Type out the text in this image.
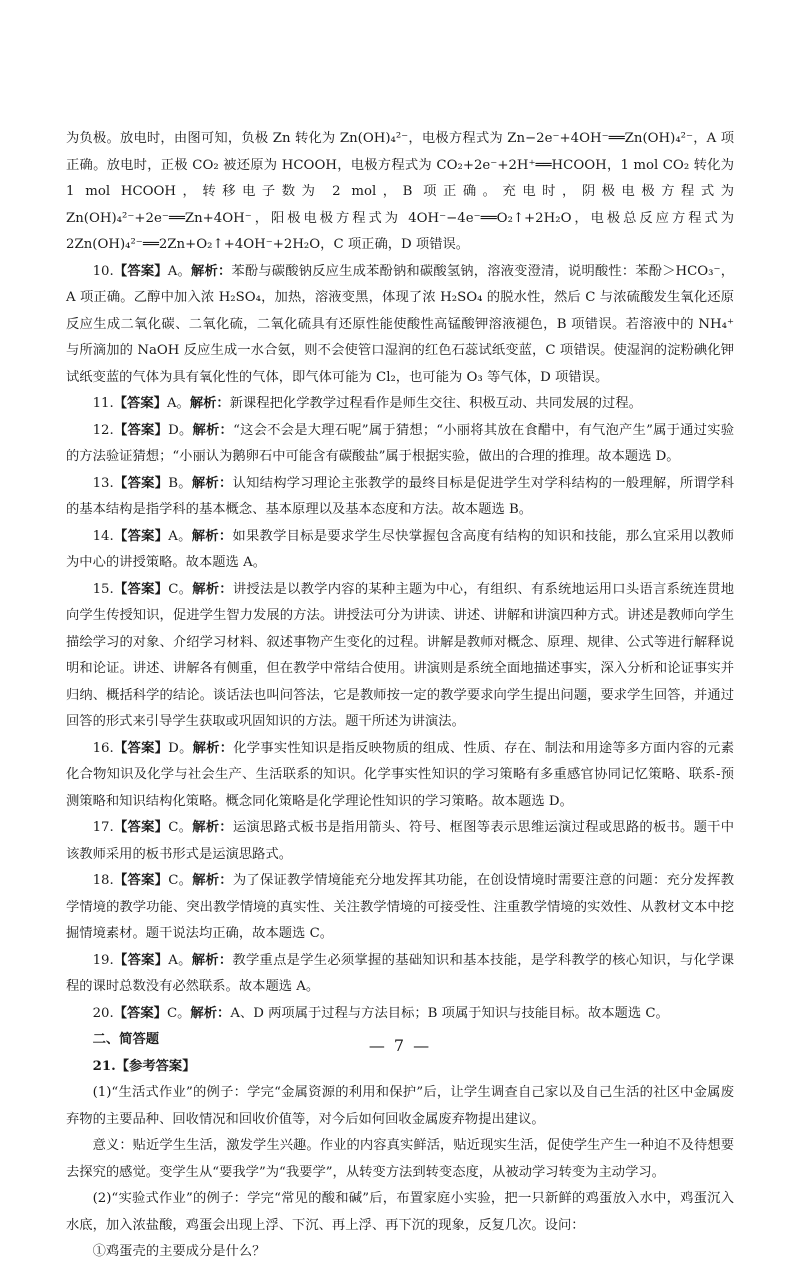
为负极。放电时，由图可知，负极 Zn 转化为 Zn(OH)₄²⁻，电极方程式为 Zn−2e⁻+4OH⁻══Zn(OH)₄²⁻，A 项正确。放电时，正极 CO₂ 被还原为 HCOOH，电极方程式为 CO₂+2e⁻+2H⁺══HCOOH，1 mol CO₂ 转化为 1 mol HCOOH，转移电子数为 2 mol，B 项正确。充电时，阴极电极方程式为 Zn(OH)₄²⁻+2e⁻══Zn+4OH⁻，阳极电极方程式为 4OH⁻−4e⁻══O₂↑+2H₂O，电极总反应方程式为 2Zn(OH)₄²⁻══2Zn+O₂↑+4OH⁻+2H₂O，C 项正确，D 项错误。

10.【答案】A。解析：苯酚与碳酸钠反应生成苯酚钠和碳酸氢钠，溶液变澄清，说明酸性：苯酚＞HCO₃⁻，A 项正确。乙醇中加入浓 H₂SO₄，加热，溶液变黑，体现了浓 H₂SO₄ 的脱水性，然后 C 与浓硫酸发生氧化还原反应生成二氧化碳、二氧化硫，二氧化硫具有还原性能使酸性高锰酸钾溶液褪色，B 项错误。若溶液中的 NH₄⁺ 与所滴加的 NaOH 反应生成一水合氨，则不会使管口湿润的红色石蕊试纸变蓝，C 项错误。使湿润的淀粉碘化钾试纸变蓝的气体为具有氧化性的气体，即气体可能为 Cl₂，也可能为 O₃ 等气体，D 项错误。

11.【答案】A。解析：新课程把化学教学过程看作是师生交往、积极互动、共同发展的过程。

12.【答案】D。解析：“这会不会是大理石呢”属于猜想；“小丽将其放在食醋中，有气泡产生”属于通过实验的方法验证猜想；“小丽认为鹅卵石中可能含有碳酸盐”属于根据实验，做出的合理的推理。故本题选 D。

13.【答案】B。解析：认知结构学习理论主张教学的最终目标是促进学生对学科结构的一般理解，所谓学科的基本结构是指学科的基本概念、基本原理以及基本态度和方法。故本题选 B。

14.【答案】A。解析：如果教学目标是要求学生尽快掌握包含高度有结构的知识和技能，那么宜采用以教师为中心的讲授策略。故本题选 A。

15.【答案】C。解析：讲授法是以教学内容的某种主题为中心，有组织、有系统地运用口头语言系统连贯地向学生传授知识，促进学生智力发展的方法。讲授法可分为讲读、讲述、讲解和讲演四种方式。讲述是教师向学生描绘学习的对象、介绍学习材料、叙述事物产生变化的过程。讲解是教师对概念、原理、规律、公式等进行解释说明和论证。讲述、讲解各有侧重，但在教学中常结合使用。讲演则是系统全面地描述事实，深入分析和论证事实并归纳、概括科学的结论。谈话法也叫问答法，它是教师按一定的教学要求向学生提出问题，要求学生回答，并通过回答的形式来引导学生获取或巩固知识的方法。题干所述为讲演法。

16.【答案】D。解析：化学事实性知识是指反映物质的组成、性质、存在、制法和用途等多方面内容的元素化合物知识及化学与社会生产、生活联系的知识。化学事实性知识的学习策略有多重感官协同记忆策略、联系-预测策略和知识结构化策略。概念同化策略是化学理论性知识的学习策略。故本题选 D。

17.【答案】C。解析：运演思路式板书是指用箭头、符号、框图等表示思维运演过程或思路的板书。题干中该教师采用的板书形式是运演思路式。

18.【答案】C。解析：为了保证教学情境能充分地发挥其功能，在创设情境时需要注意的问题：充分发挥教学情境的教学功能、突出教学情境的真实性、关注教学情境的可接受性、注重教学情境的实效性、从教材文本中挖掘情境素材。题干说法均正确，故本题选 C。

19.【答案】A。解析：教学重点是学生必须掌握的基础知识和基本技能，是学科教学的核心知识，与化学课程的课时总数没有必然联系。故本题选 A。

20.【答案】C。解析：A、D 两项属于过程与方法目标；B 项属于知识与技能目标。故本题选 C。

二、简答题

21.【参考答案】

(1)“生活式作业”的例子：学完“金属资源的利用和保护”后，让学生调查自己家以及自己生活的社区中金属废弃物的主要品种、回收情况和回收价值等，对今后如何回收金属废弃物提出建议。

意义：贴近学生生活，激发学生兴趣。作业的内容真实鲜活，贴近现实生活，促使学生产生一种迫不及待想要去探究的感觉。变学生从“要我学”为“我要学”，从转变方法到转变态度，从被动学习转变为主动学习。

(2)“实验式作业”的例子：学完“常见的酸和碱”后，布置家庭小实验，把一只新鲜的鸡蛋放入水中，鸡蛋沉入水底，加入浓盐酸，鸡蛋会出现上浮、下沉、再上浮、再下沉的现象，反复几次。设问：

①鸡蛋壳的主要成分是什么？

— 7 —
